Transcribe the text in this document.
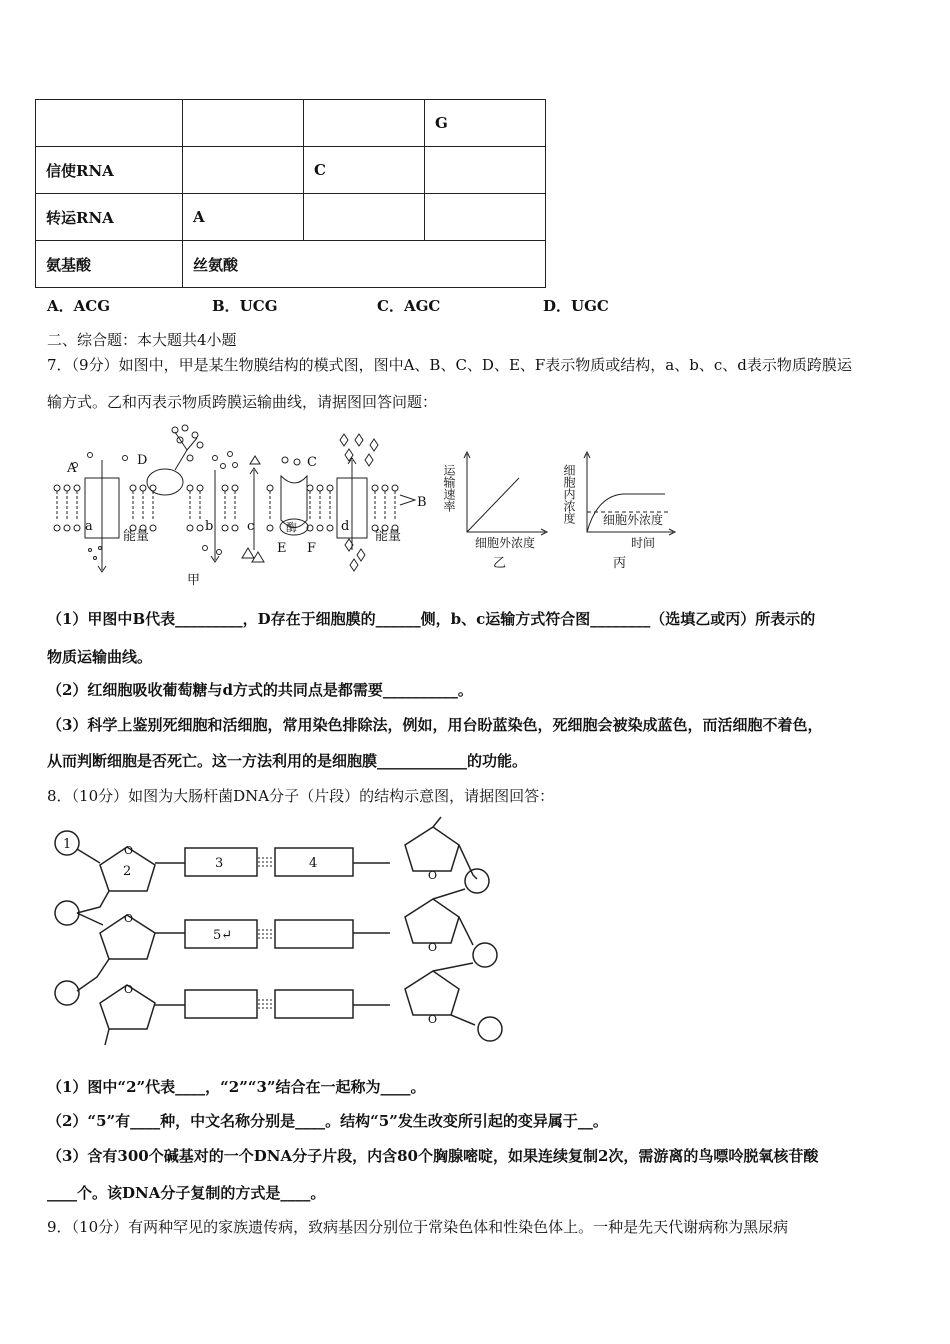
			G
信使RNA		C	
转运RNA	A		
氨基酸	丝氨酸		
A．ACG	B．UCG	C．AGC	D．UGC
二、综合题：本大题共4小题
7．（9分）如图中，甲是某生物膜结构的模式图，图中A、B、C、D、E、F表示物质或结构，a、b、c、d表示物质跨膜运
输方式。乙和丙表示物质跨膜运输曲线，请据图回答问题：
A
B
C
D
E F
a	b	c	d
能量	能量
酶
甲
运输速率
细胞外浓度
乙
细胞内浓度 细胞外浓度
时间
丙
（1）甲图中B代表_________，D存在于细胞膜的______侧，b、c运输方式符合图________（选填乙或丙）所表示的
物质运输曲线。
（2）红细胞吸收葡萄糖与d方式的共同点是都需要__________。
（3）科学上鉴别死细胞和活细胞，常用染色排除法，例如，用台盼蓝染色，死细胞会被染成蓝色，而活细胞不着色，
从而判断细胞是否死亡。这一方法利用的是细胞膜____________的功能。
8．（10分）如图为大肠杆菌DNA分子（片段）的结构示意图，请据图回答：
1
2
3	4
5↵
O
O
O
O
O
O
（1）图中“2”代表____，“2”“3”结合在一起称为____。
（2）“5”有____种，中文名称分别是____。结构“5”发生改变所引起的变异属于__。
（3）含有300个碱基对的一个DNA分子片段，内含80个胸腺嘧啶，如果连续复制2次，需游离的鸟嘌呤脱氧核苷酸
____个。该DNA分子复制的方式是____。
9．（10分）有两种罕见的家族遗传病，致病基因分别位于常染色体和性染色体上。一种是先天代谢病称为黑尿病
